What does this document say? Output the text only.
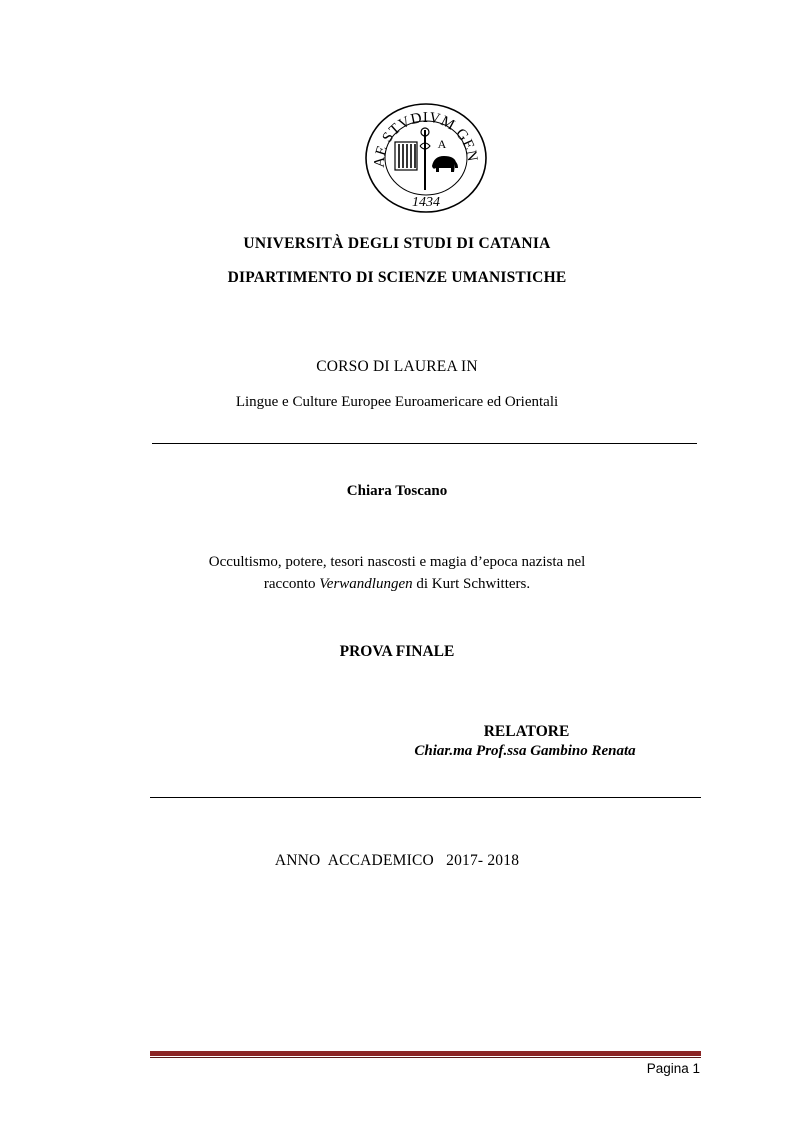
AE STVDIVM GEN
1434
A
UNIVERSITÀ DEGLI STUDI DI CATANIA
DIPARTIMENTO DI SCIENZE UMANISTICHE
CORSO DI LAUREA IN
Lingue e Culture Europee Euroamericare ed Orientali
Chiara Toscano
Occultismo, potere, tesori nascosti e magia d’epoca nazista nel
racconto Verwandlungen di Kurt Schwitters.
PROVA FINALE
RELATORE
Chiar.ma Prof.ssa Gambino Renata
ANNO  ACCADEMICO   2017- 2018
Pagina 1
